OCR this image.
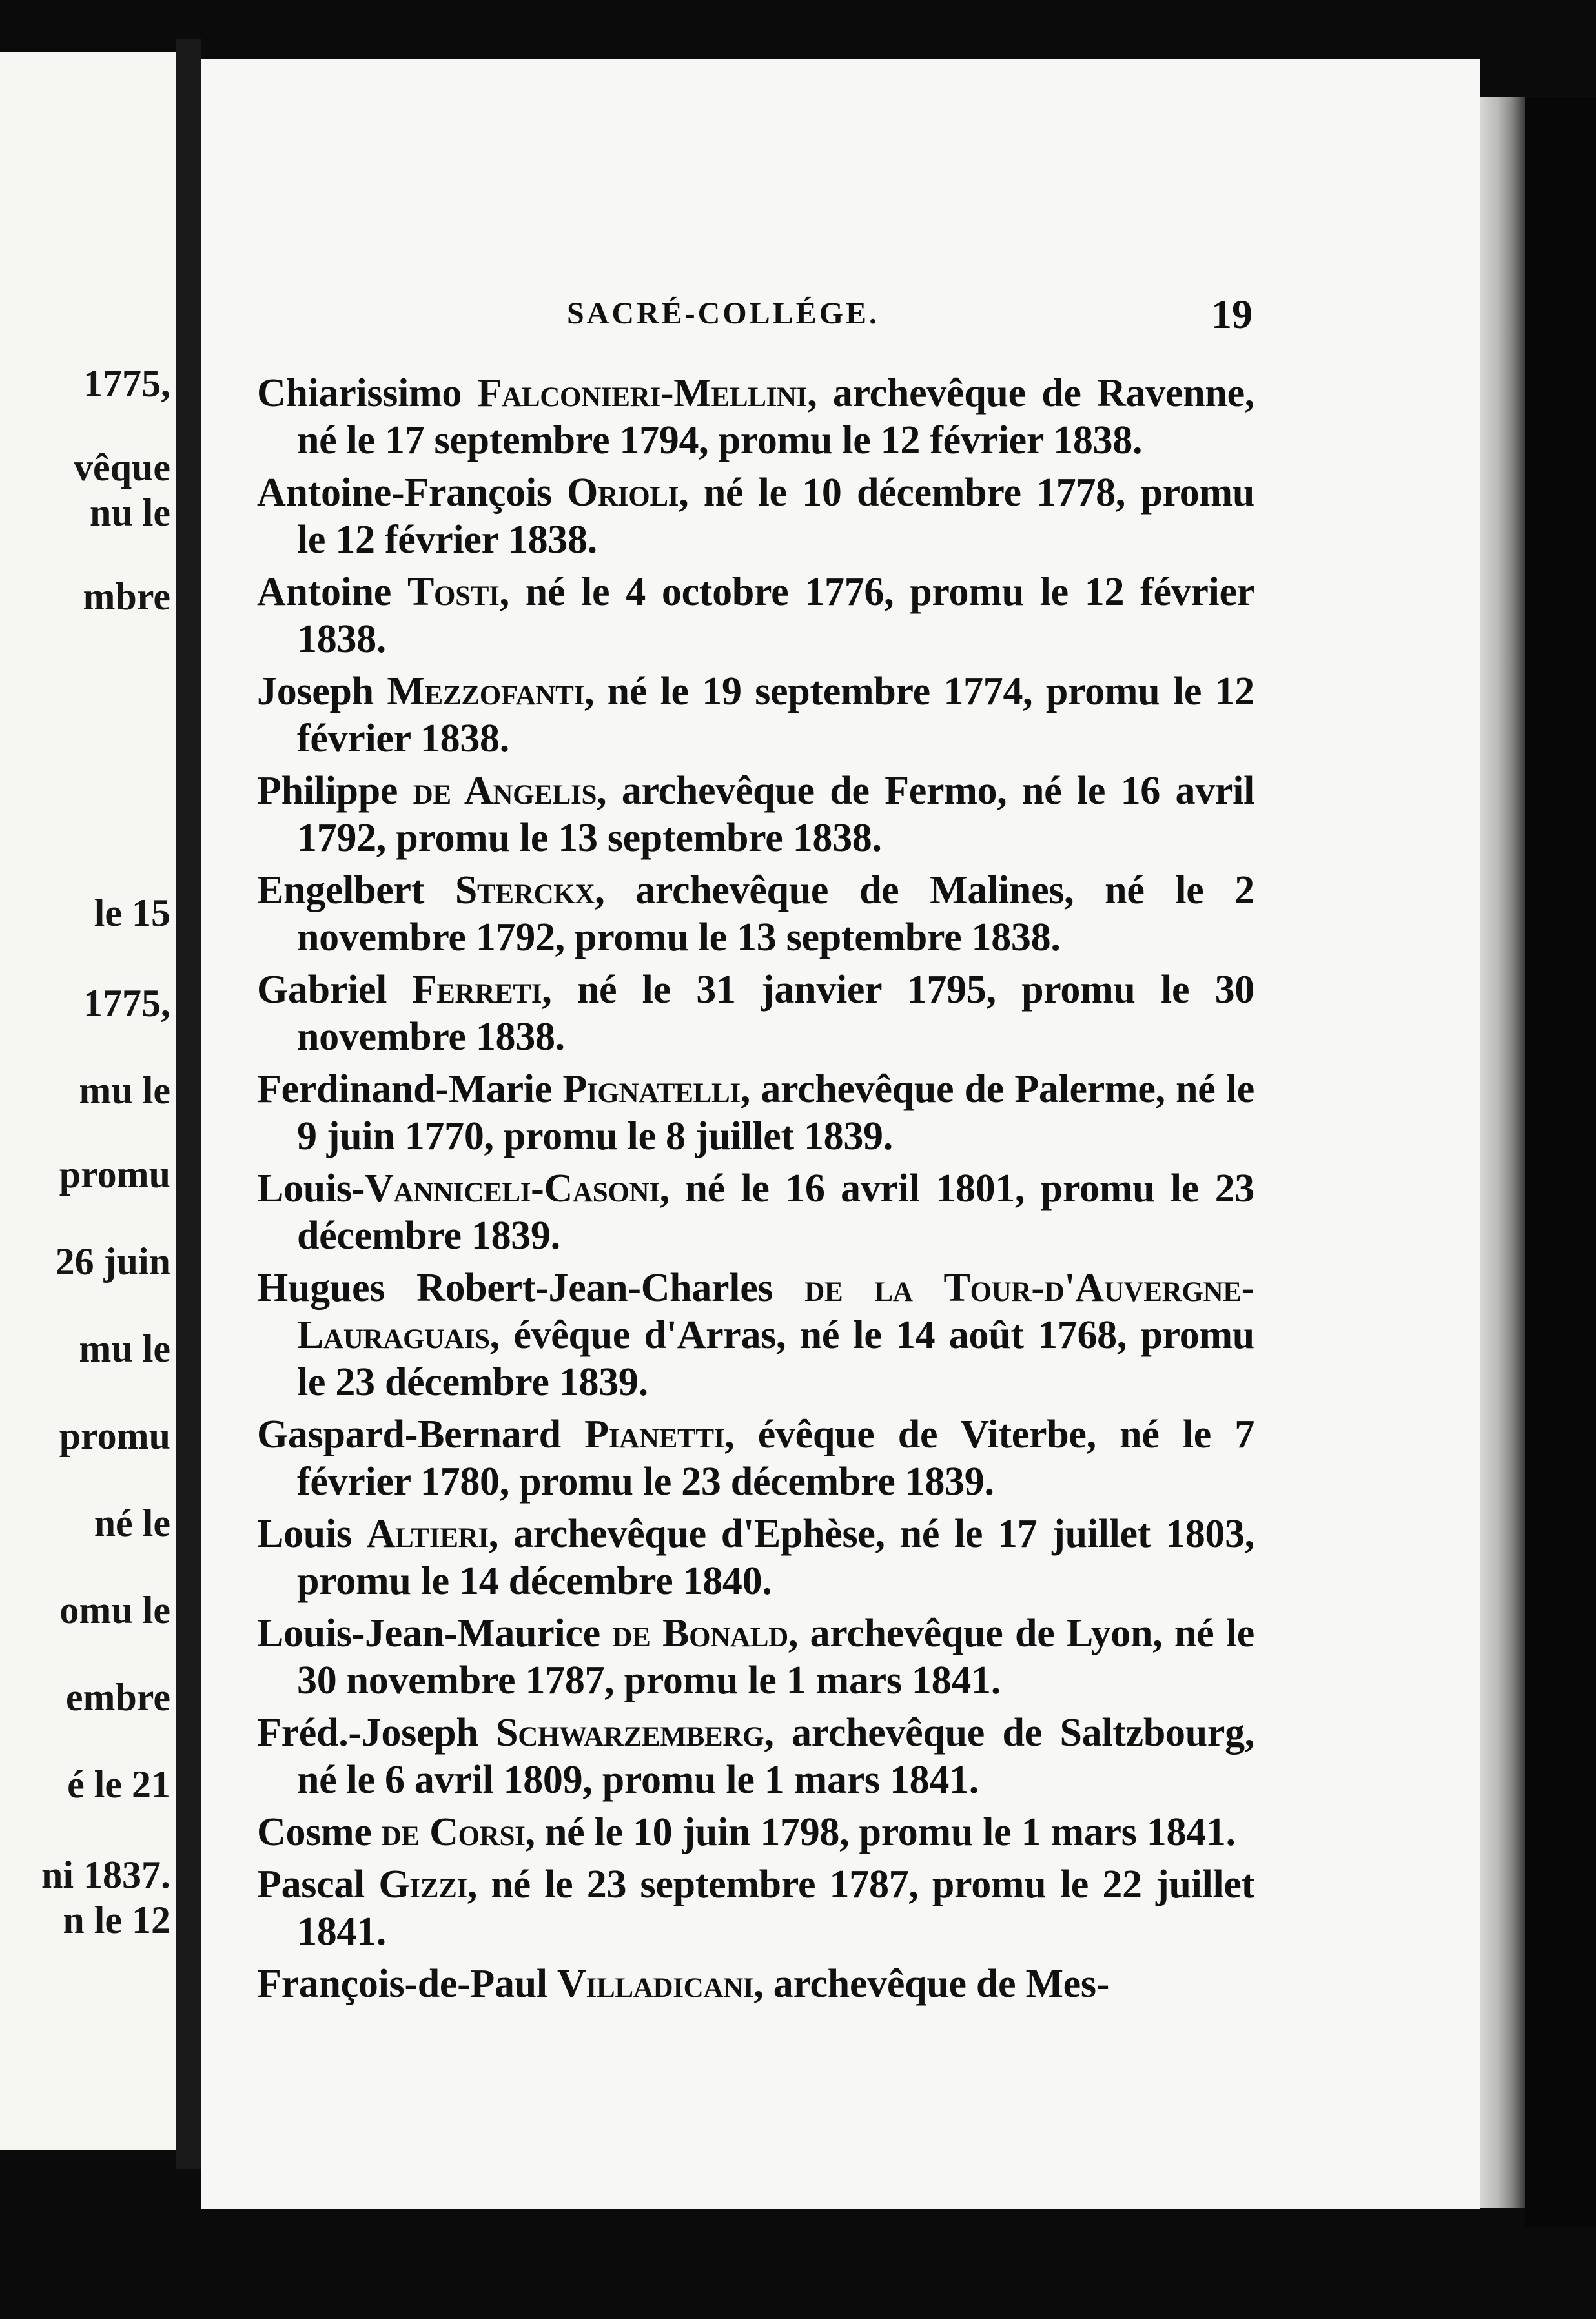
1775,
vêque
nu le
mbre
le 15
1775,
mu le
promu
26 juin
mu le
promu
né le
omu le
embre
é le 21
ni 1837.
n le 12
SACRÉ-COLLÉGE.	19
Chiarissimo Falconieri-Mellini, archevêque de Ravenne, né le 17 septembre 1794, promu le 12 février 1838.
Antoine-François Orioli, né le 10 décembre 1778, promu le 12 février 1838.
Antoine Tosti, né le 4 octobre 1776, promu le 12 février 1838.
Joseph Mezzofanti, né le 19 septembre 1774, promu le 12 février 1838.
Philippe de Angelis, archevêque de Fermo, né le 16 avril 1792, promu le 13 septembre 1838.
Engelbert Sterckx, archevêque de Malines, né le 2 novembre 1792, promu le 13 septembre 1838.
Gabriel Ferreti, né le 31 janvier 1795, promu le 30 novembre 1838.
Ferdinand-Marie Pignatelli, archevêque de Palerme, né le 9 juin 1770, promu le 8 juillet 1839.
Louis-Vanniceli-Casoni, né le 16 avril 1801, promu le 23 décembre 1839.
Hugues Robert-Jean-Charles de la Tour-d'Auvergne-Lauraguais, évêque d'Arras, né le 14 août 1768, promu le 23 décembre 1839.
Gaspard-Bernard Pianetti, évêque de Viterbe, né le 7 février 1780, promu le 23 décembre 1839.
Louis Altieri, archevêque d'Ephèse, né le 17 juillet 1803, promu le 14 décembre 1840.
Louis-Jean-Maurice de Bonald, archevêque de Lyon, né le 30 novembre 1787, promu le 1 mars 1841.
Fréd.-Joseph Schwarzemberg, archevêque de Saltzbourg, né le 6 avril 1809, promu le 1 mars 1841.
Cosme de Corsi, né le 10 juin 1798, promu le 1 mars 1841.
Pascal Gizzi, né le 23 septembre 1787, promu le 22 juillet 1841.
François-de-Paul Villadicani, archevêque de Mes-
